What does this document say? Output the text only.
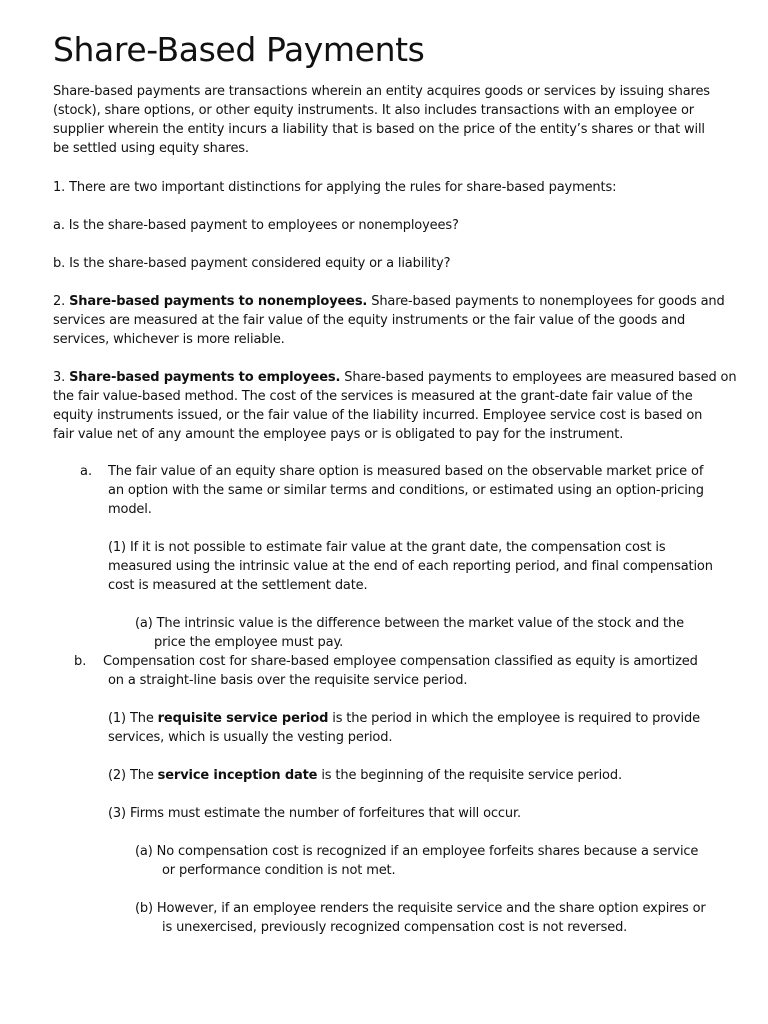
Share-Based Payments
Share-based payments are transactions wherein an entity acquires goods or services by issuing shares
(stock), share options, or other equity instruments. It also includes transactions with an employee or
supplier wherein the entity incurs a liability that is based on the price of the entity’s shares or that will
be settled using equity shares.
1. There are two important distinctions for applying the rules for share-based payments:
a. Is the share-based payment to employees or nonemployees?
b. Is the share-based payment considered equity or a liability?
2. Share-based payments to nonemployees. Share-based payments to nonemployees for goods and
services are measured at the fair value of the equity instruments or the fair value of the goods and
services, whichever is more reliable.
3. Share-based payments to employees. Share-based payments to employees are measured based on
the fair value-based method. The cost of the services is measured at the grant-date fair value of the
equity instruments issued, or the fair value of the liability incurred. Employee service cost is based on
fair value net of any amount the employee pays or is obligated to pay for the instrument.
a. The fair value of an equity share option is measured based on the observable market price of
an option with the same or similar terms and conditions, or estimated using an option-pricing
model.
(1) If it is not possible to estimate fair value at the grant date, the compensation cost is
measured using the intrinsic value at the end of each reporting period, and final compensation
cost is measured at the settlement date.
(a) The intrinsic value is the difference between the market value of the stock and the
price the employee must pay.
b. Compensation cost for share-based employee compensation classified as equity is amortized
on a straight-line basis over the requisite service period.
(1) The requisite service period is the period in which the employee is required to provide
services, which is usually the vesting period.
(2) The service inception date is the beginning of the requisite service period.
(3) Firms must estimate the number of forfeitures that will occur.
(a) No compensation cost is recognized if an employee forfeits shares because a service
or performance condition is not met.
(b) However, if an employee renders the requisite service and the share option expires or
is unexercised, previously recognized compensation cost is not reversed.
